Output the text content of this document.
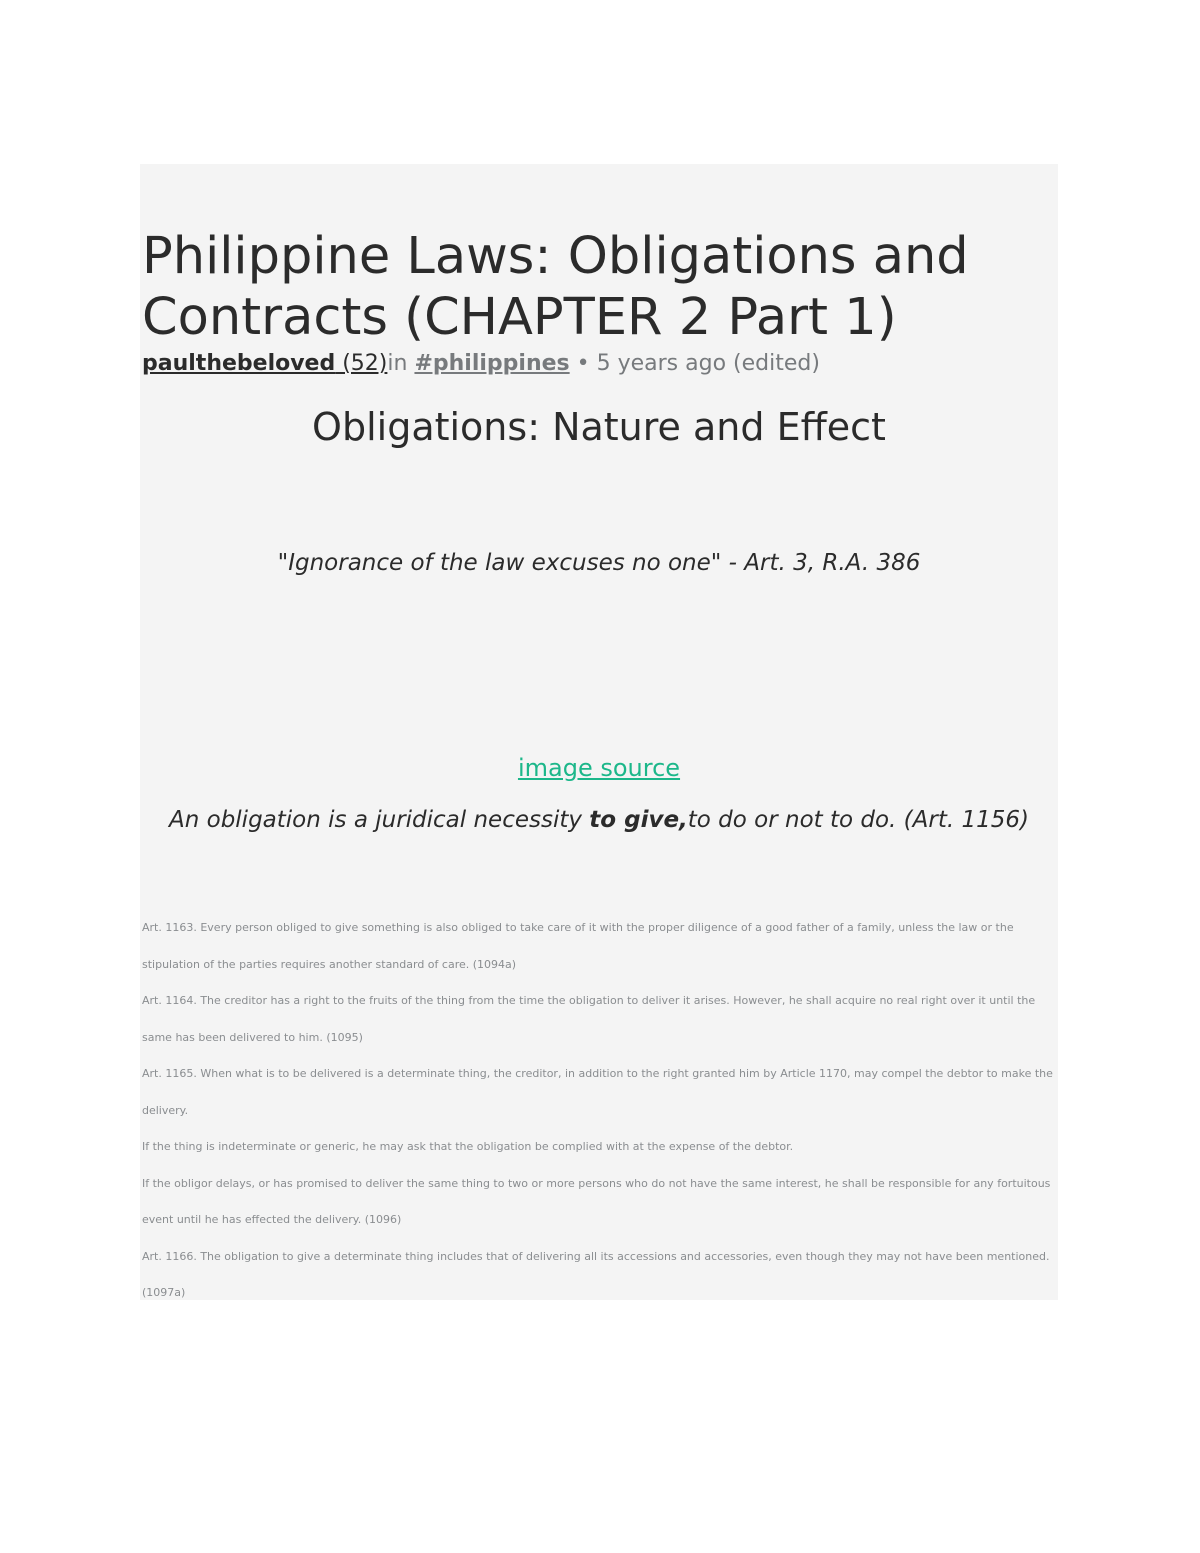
Philippine Laws: Obligations and Contracts (CHAPTER 2 Part 1)
paulthebeloved (52)in #philippines • 5 years ago (edited)
Obligations: Nature and Effect
"Ignorance of the law excuses no one" - Art. 3, R.A. 386
image source
An obligation is a juridical necessity to give,to do or not to do. (Art. 1156)

Art. 1163. Every person obliged to give something is also obliged to take care of it with the proper diligence of a good father of a family, unless the law or the stipulation of the parties requires another standard of care. (1094a)

Art. 1164. The creditor has a right to the fruits of the thing from the time the obligation to deliver it arises. However, he shall acquire no real right over it until the same has been delivered to him. (1095)

Art. 1165. When what is to be delivered is a determinate thing, the creditor, in addition to the right granted him by Article 1170, may compel the debtor to make the delivery.

If the thing is indeterminate or generic, he may ask that the obligation be complied with at the expense of the debtor.

If the obligor delays, or has promised to deliver the same thing to two or more persons who do not have the same interest, he shall be responsible for any fortuitous event until he has effected the delivery. (1096)

Art. 1166. The obligation to give a determinate thing includes that of delivering all its accessions and accessories, even though they may not have been mentioned. (1097a)
